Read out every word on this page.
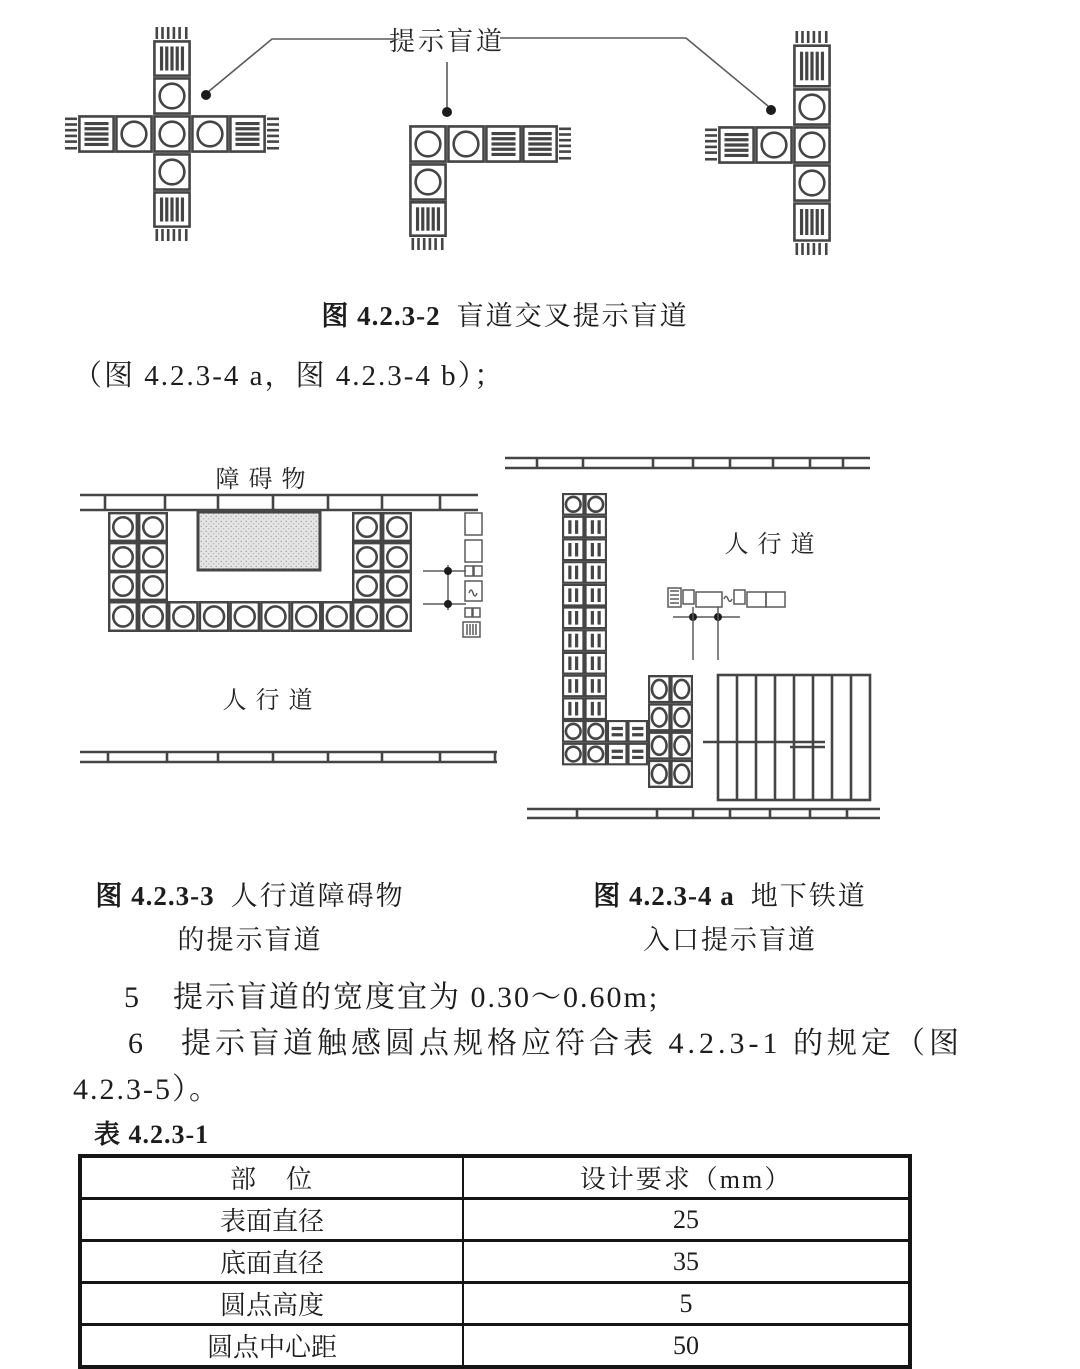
提示盲道
图 4.2.3-2 盲道交叉提示盲道
（图 4.2.3-4 a，图 4.2.3-4 b）；
障碍物
人行道
人行道
图 4.2.3-3 人行道障碍物
的提示盲道
图 4.2.3-4 a 地下铁道
入口提示盲道
5　提示盲道的宽度宜为 0.30～0.60m;
6　提示盲道触感圆点规格应符合表 4.2.3-1 的规定（图
4.2.3-5）。
表 4.2.3-1
部　位	设计要求（mm）
表面直径	25
底面直径	35
圆点高度	5
圆点中心距	50
